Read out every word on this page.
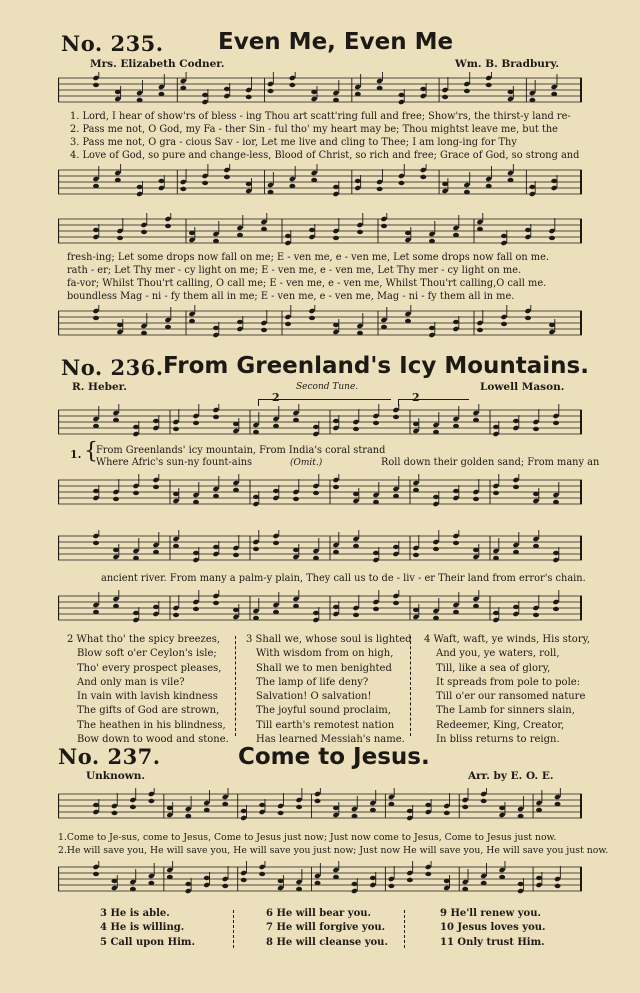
No. 235. Even Me, Even Me
Mrs. Elizabeth Codner.	Wm. B. Bradbury.
1. Lord, I hear of show'rs of bless - ing Thou art scatt'ring full and free; Show'rs, the thirst-y land re-
2. Pass me not, O God, my Fa - ther Sin - ful tho' my heart may be; Thou mightst leave me, but the
3. Pass me not, O gra - cious Sav - ior, Let me live and cling to Thee; I am long-ing for Thy
4. Love of God, so pure and change-less, Blood of Christ, so rich and free; Grace of God, so strong and
fresh-ing; Let some drops now fall on me; E - ven me, e - ven me, Let some drops now fall on me.
rath - er; Let Thy mer - cy light on me; E - ven me, e - ven me, Let Thy mer - cy light on me.
fa-vor; Whilst Thou'rt calling, O call me; E - ven me, e - ven me, Whilst Thou'rt calling,O call me.
boundless Mag - ni - fy them all in me; E - ven me, e - ven me, Mag - ni - fy them all in me.
No. 236. From Greenland's Icy Mountains.
R. Heber.	Second Tune.	Lowell Mason.
2	2
1. {
From Greenlands' icy mountain, From India's coral strand
Where Afric's sun-ny fount-ains	(Omit.)	Roll down their golden sand; From many an
ancient river. From many a palm-y plain, They call us to de - liv - er Their land from error's chain.
2 What tho' the spicy breezes,
Blow soft o'er Ceylon's isle;
Tho' every prospect pleases,
And only man is vile?
In vain with lavish kindness
The gifts of God are strown,
The heathen in his blindness,
Bow down to wood and stone.
3 Shall we, whose soul is lighted
With wisdom from on high,
Shall we to men benighted
The lamp of life deny?
Salvation! O salvation!
The joyful sound proclaim,
Till earth's remotest nation
Has learned Messiah's name.
4 Waft, waft, ye winds, His story,
And you, ye waters, roll,
Till, like a sea of glory,
It spreads from pole to pole:
Till o'er our ransomed nature
The Lamb for sinners slain,
Redeemer, King, Creator,
In bliss returns to reign.
No. 237.	Come to Jesus.
Unknown.	Arr. by E. O. E.
1.Come to Je-sus, come to Jesus, Come to Jesus just now; Just now come to Jesus, Come to Jesus just now.
2.He will save you, He will save you, He will save you just now; Just now He will save you, He will save you just now.
3 He is able.
4 He is willing.
5 Call upon Him.
6 He will bear you.
7 He will forgive you.
8 He will cleanse you.
9 He'll renew you.
10 Jesus loves you.
11 Only trust Him.
